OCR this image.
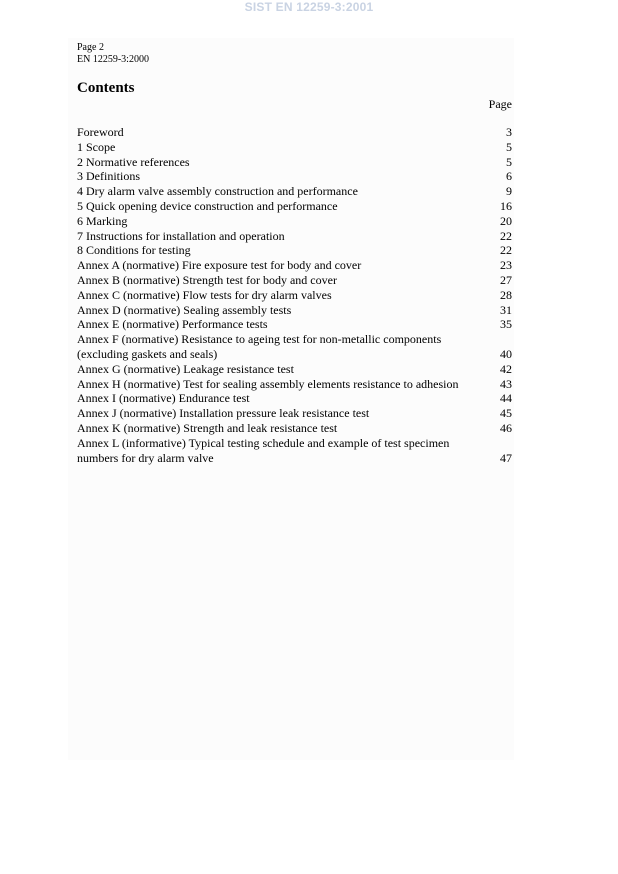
SIST EN 12259-3:2001
Page 2
EN 12259-3:2000
Contents
Page
Foreword	3
1 Scope	5
2 Normative references	5
3 Definitions	6
4 Dry alarm valve assembly construction and performance	9
5 Quick opening device construction and performance	16
6 Marking	20
7 Instructions for installation and operation	22
8 Conditions for testing	22
Annex A (normative) Fire exposure test for body and cover	23
Annex B (normative) Strength test for body and cover	27
Annex C (normative) Flow tests for dry alarm valves	28
Annex D (normative) Sealing assembly tests	31
Annex E (normative) Performance tests	35
Annex F (normative) Resistance to ageing test for non-metallic components
(excluding gaskets and seals)	40
Annex G (normative) Leakage resistance test	42
Annex H (normative) Test for sealing assembly elements resistance to adhesion	43
Annex I (normative) Endurance test	44
Annex J (normative) Installation pressure leak resistance test	45
Annex K (normative) Strength and leak resistance test	46
Annex L (informative) Typical testing schedule and example of test specimen
numbers for dry alarm valve	47
